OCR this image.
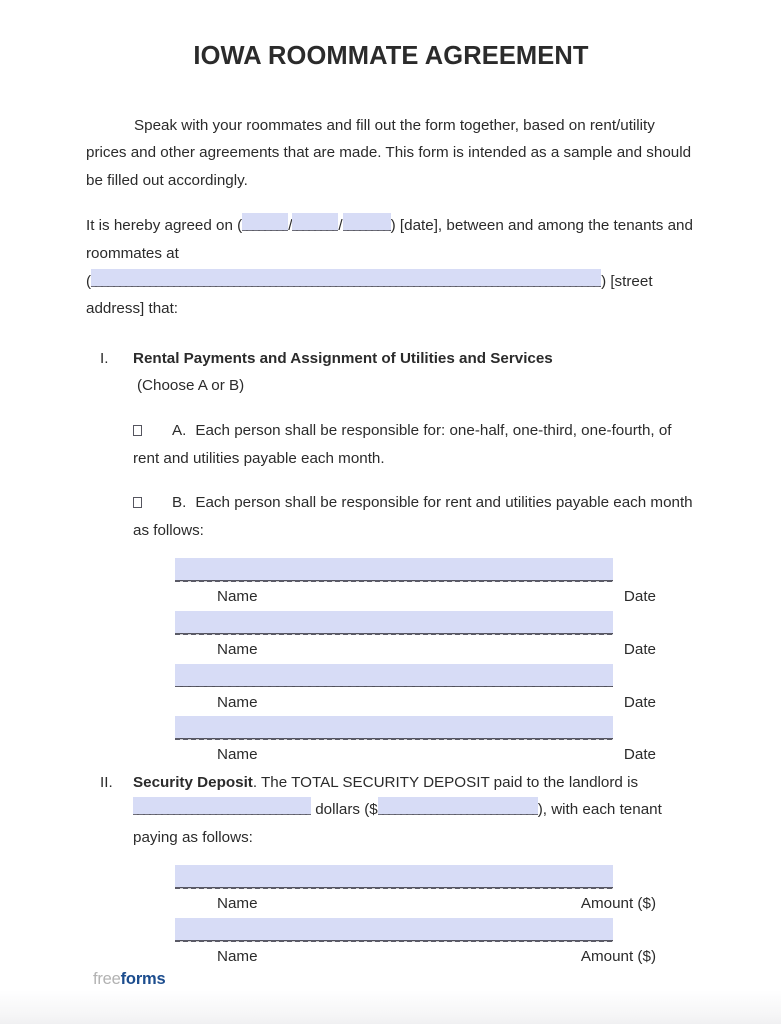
IOWA ROOMMATE AGREEMENT
Speak with your roommates and fill out the form together, based on rent/utility prices and other agreements that are made. This form is intended as a sample and should be filled out accordingly.
It is hereby agreed on (	/	/	) [date], between and among the tenants and roommates at
(	) [street
address] that:
I. Rental Payments and Assignment of Utilities and Services
(Choose A or B)
A. Each person shall be responsible for: one-half, one-third, one-fourth, of rent and utilities payable each month.
B. Each person shall be responsible for rent and utilities payable each month as follows:
Name	Date
Name	Date
Name	Date
Name	Date
II. Security Deposit. The TOTAL SECURITY DEPOSIT paid to the landlord is
dollars ($	), with each tenant
paying as follows:
Name	Amount ($)
Name	Amount ($)
freeforms
